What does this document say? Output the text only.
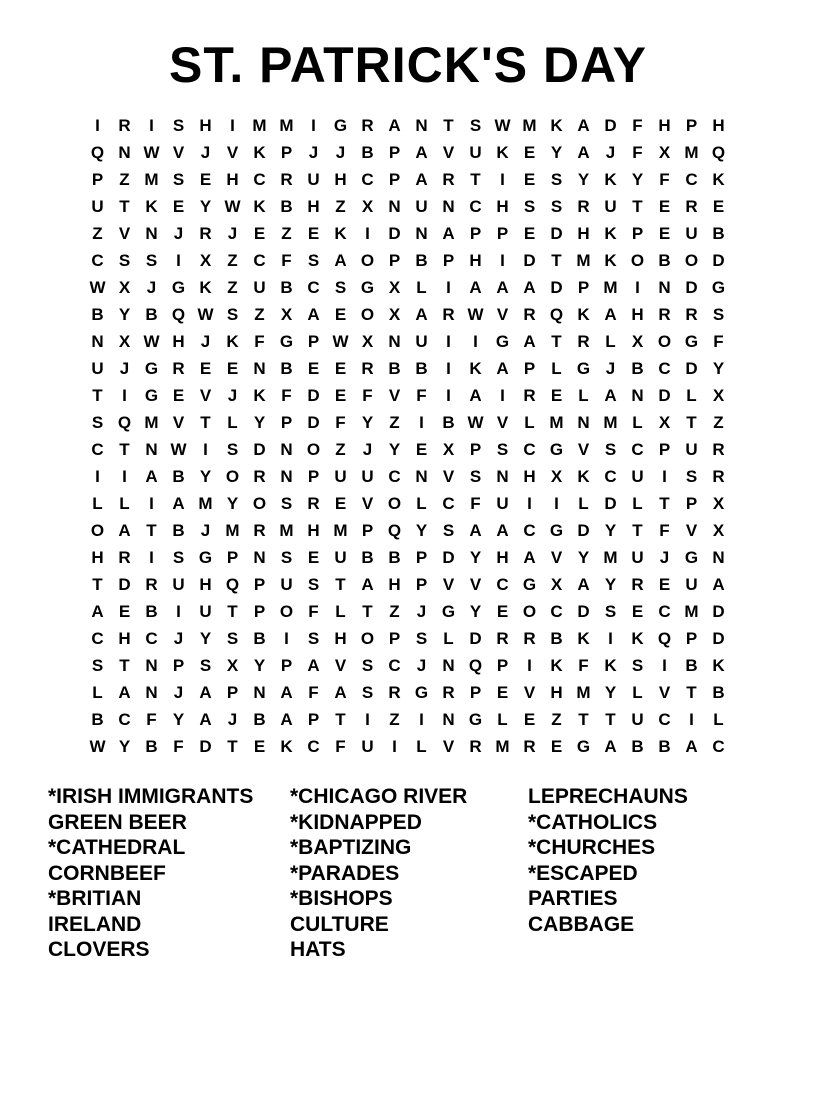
ST. PATRICK'S DAY
I	R	I	S H	I	M M	I	G R A N T S W M K A D F H P H
Q N W V J V K P J	J B P A V U K E Y A J	F X M Q
P Z M S E H C R U H C P A R T	I	E S Y K Y F C K
U T K E Y W K B H Z X N U N C H S S R U T E R E
Z V N J R J E Z E K	I	D N A P P E D H K P E U B
C S S	I	X Z C F S A O P B P H	I	D T M K O B O D
W X J G K Z U B C S G X L	I	A A A D P M	I	N D G
B Y B Q W S Z X A E O X A R W V R Q K A H R R S
N X W H J K F G P W X N U	I	I	G A T R L X O G F
U J G R E E N B E E R B B	I	K A P L G J B C D Y
T	I	G E V J K F D E F V F	I	A	I	R E L A N D L X
S Q M V T L Y P D F Y Z	I	B W V L M N M L X T Z
C T N W I	S D N O Z	J Y E X P S C G V S C P U R
I	I	A B Y O R N P U U C N V S N H X K C U	I	S R
L L	I	A M Y O S R E V O L C F U	I	I	L D L T P X
O A T B J M R M H M P Q Y S A A C G D Y T F V X
H R	I	S G P N S E U B B P D Y H A V Y M U J G N
T D R U H Q P U S T A H P V V C G X A Y R E U A
A E B	I	U T P O F L T Z	J G Y E O C D S E C M D
C H C J Y S B	I	S H O P S L D R R B K	I	K Q P D
S T N P S X Y P A V S C J N Q P	I	K F K S	I	B K
L A N J A P N A F A S R G R P E V H M Y L V T B
B C F Y A J B A P T	I	Z	I	N G L E Z T T U C	I	L
W Y B F D T E K C F U	I	L V R M R E G A B B A C
*IRISH IMMIGRANTS
GREEN BEER
*CATHEDRAL
CORNBEEF
*BRITIAN
IRELAND
CLOVERS
*CHICAGO RIVER
*KIDNAPPED
*BAPTIZING
*PARADES
*BISHOPS
CULTURE
HATS
LEPRECHAUNS
*CATHOLICS
*CHURCHES
*ESCAPED
PARTIES
CABBAGE
